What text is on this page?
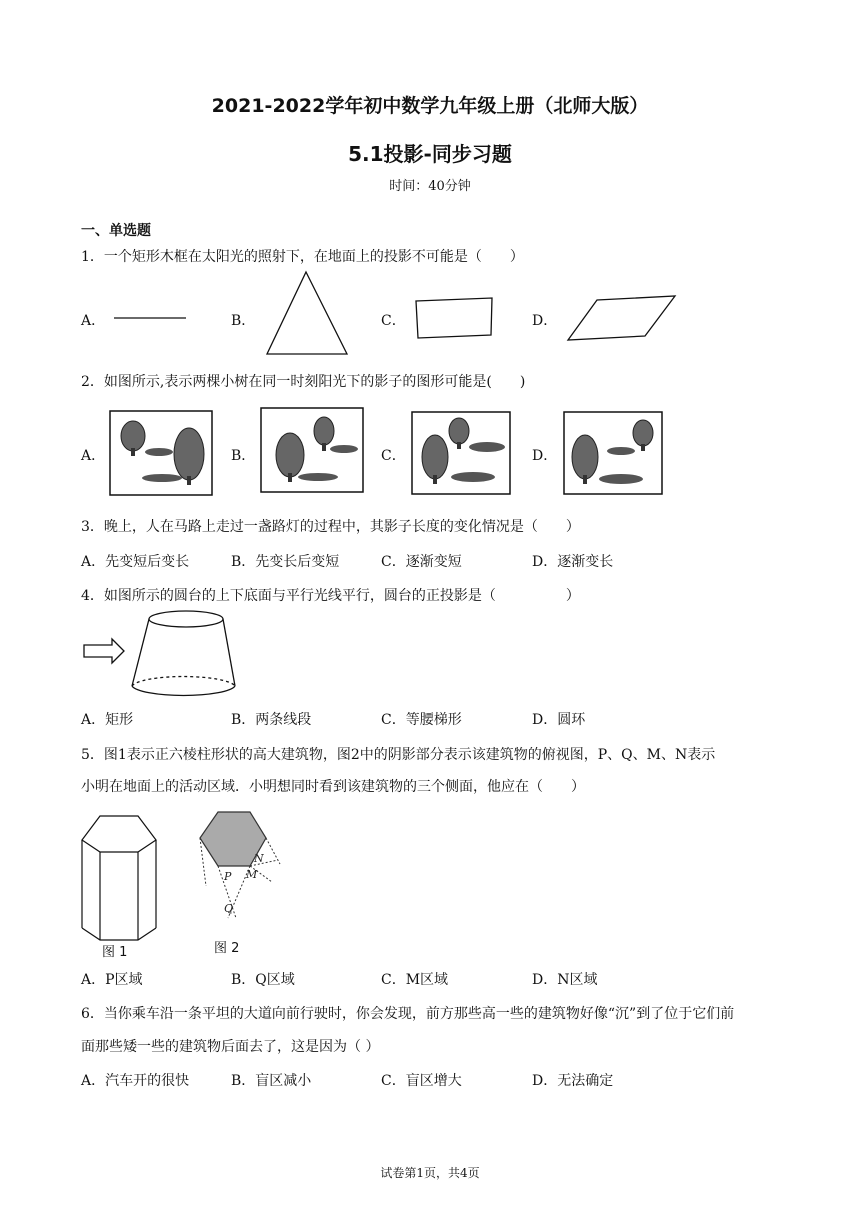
2021-2022学年初中数学九年级上册（北师大版）
5.1投影-同步习题
时间：40分钟
一、单选题
1．一个矩形木框在太阳光的照射下，在地面上的投影不可能是（　　）
A．	B．	C．	D．
2．如图所示,表示两棵小树在同一时刻阳光下的影子的图形可能是(　　)
A．	B．	C．	D．
3．晚上，人在马路上走过一盏路灯的过程中，其影子长度的变化情况是（　　）
A．先变短后变长	B．先变长后变短	C．逐渐变短	D．逐渐变长
4．如图所示的圆台的上下底面与平行光线平行，圆台的正投影是（　　　　　）
A．矩形	B．两条线段	C．等腰梯形	D．圆环
5．图1表示正六棱柱形状的高大建筑物，图2中的阴影部分表示该建筑物的俯视图，P、Q、M、N表示
小明在地面上的活动区域．小明想同时看到该建筑物的三个侧面，他应在（　　）
图 1
N
P M
Q
图 2
A．P区域	B．Q区域	C．M区域	D．N区域
6．当你乘车沿一条平坦的大道向前行驶时，你会发现，前方那些高一些的建筑物好像“沉”到了位于它们前
面那些矮一些的建筑物后面去了，这是因为（ ）
A．汽车开的很快	B．盲区减小	C．盲区增大	D．无法确定
试卷第1页，共4页
